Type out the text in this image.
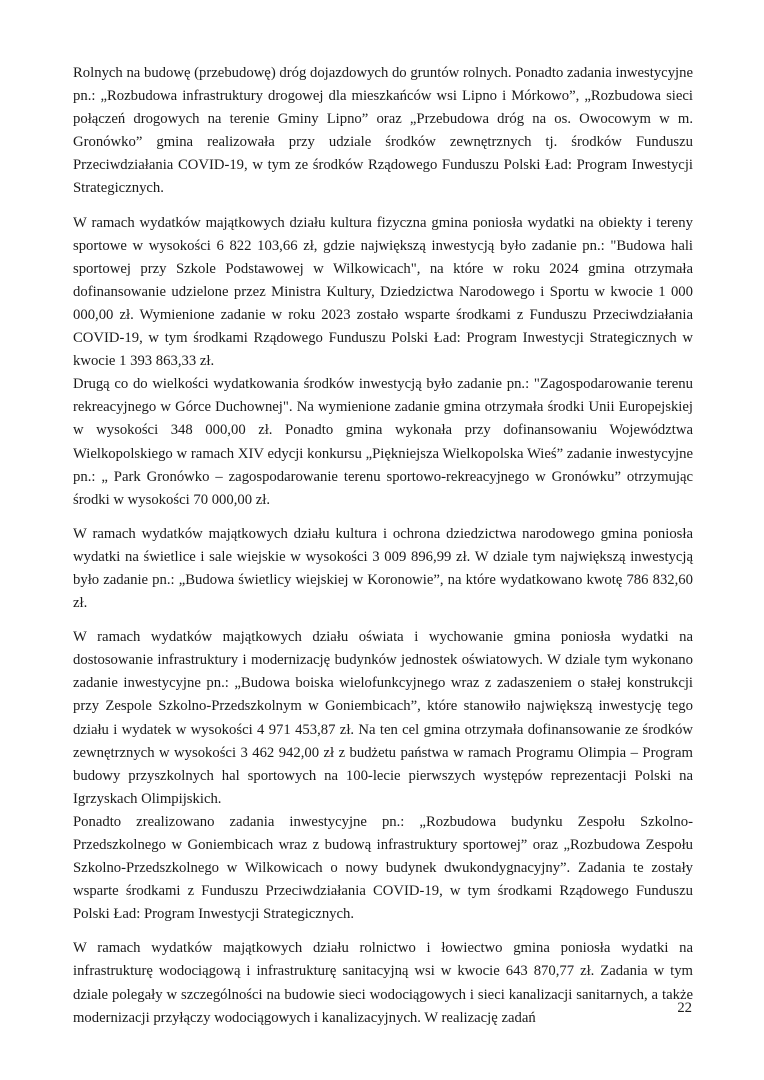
Rolnych na budowę (przebudowę) dróg dojazdowych do gruntów rolnych. Ponadto zadania inwestycyjne pn.: „Rozbudowa infrastruktury drogowej dla mieszkańców wsi Lipno i Mórkowo”, „Rozbudowa sieci połączeń drogowych na terenie Gminy Lipno” oraz „Przebudowa dróg na os. Owocowym w m. Gronówko” gmina realizowała przy udziale środków zewnętrznych tj. środków Funduszu Przeciwdziałania COVID-19, w tym ze środków Rządowego Funduszu Polski Ład: Program Inwestycji Strategicznych.

W ramach wydatków majątkowych działu kultura fizyczna gmina poniosła wydatki na obiekty i tereny sportowe w wysokości 6 822 103,66 zł, gdzie największą inwestycją było zadanie pn.: "Budowa hali sportowej przy Szkole Podstawowej w Wilkowicach", na które w roku 2024 gmina otrzymała dofinansowanie udzielone przez Ministra Kultury, Dziedzictwa Narodowego i Sportu w kwocie 1 000 000,00 zł. Wymienione zadanie w roku 2023 zostało wsparte środkami z Funduszu Przeciwdziałania COVID-19, w tym środkami Rządowego Funduszu Polski Ład: Program Inwestycji Strategicznych w kwocie 1 393 863,33 zł.

Drugą co do wielkości wydatkowania środków inwestycją było zadanie pn.: "Zagospodarowanie terenu rekreacyjnego w Górce Duchownej". Na wymienione zadanie gmina otrzymała środki Unii Europejskiej w wysokości 348 000,00 zł. Ponadto gmina wykonała przy dofinansowaniu Województwa Wielkopolskiego w ramach XIV edycji konkursu „Piękniejsza Wielkopolska Wieś” zadanie inwestycyjne pn.: „ Park Gronówko – zagospodarowanie terenu sportowo-rekreacyjnego w Gronówku” otrzymując środki w wysokości 70 000,00 zł.

W ramach wydatków majątkowych działu kultura i ochrona dziedzictwa narodowego gmina poniosła wydatki na świetlice i sale wiejskie w wysokości 3 009 896,99 zł. W dziale tym największą inwestycją było zadanie pn.: „Budowa świetlicy wiejskiej w Koronowie”, na które wydatkowano kwotę 786 832,60 zł.

W ramach wydatków majątkowych działu oświata i wychowanie gmina poniosła wydatki na dostosowanie infrastruktury i modernizację budynków jednostek oświatowych. W dziale tym wykonano zadanie inwestycyjne pn.: „Budowa boiska wielofunkcyjnego wraz z zadaszeniem o stałej konstrukcji przy Zespole Szkolno-Przedszkolnym w Goniembicach”, które stanowiło największą inwestycję tego działu i wydatek w wysokości 4 971 453,87 zł. Na ten cel gmina otrzymała dofinansowanie ze środków zewnętrznych w wysokości 3 462 942,00 zł z budżetu państwa w ramach Programu Olimpia – Program budowy przyszkolnych hal sportowych na 100-lecie pierwszych występów reprezentacji Polski na Igrzyskach Olimpijskich.

Ponadto zrealizowano zadania inwestycyjne pn.: „Rozbudowa budynku Zespołu Szkolno-Przedszkolnego w Goniembicach wraz z budową infrastruktury sportowej” oraz „Rozbudowa Zespołu Szkolno-Przedszkolnego w Wilkowicach o nowy budynek dwukondygnacyjny”. Zadania te zostały wsparte środkami z Funduszu Przeciwdziałania COVID-19, w tym środkami Rządowego Funduszu Polski Ład: Program Inwestycji Strategicznych.

W ramach wydatków majątkowych działu rolnictwo i łowiectwo gmina poniosła wydatki na infrastrukturę wodociągową i infrastrukturę sanitacyjną wsi w kwocie 643 870,77 zł. Zadania w tym dziale polegały w szczególności na budowie sieci wodociągowych i sieci kanalizacji sanitarnych, a także modernizacji przyłączy wodociągowych i kanalizacyjnych. W realizację zadań

22
